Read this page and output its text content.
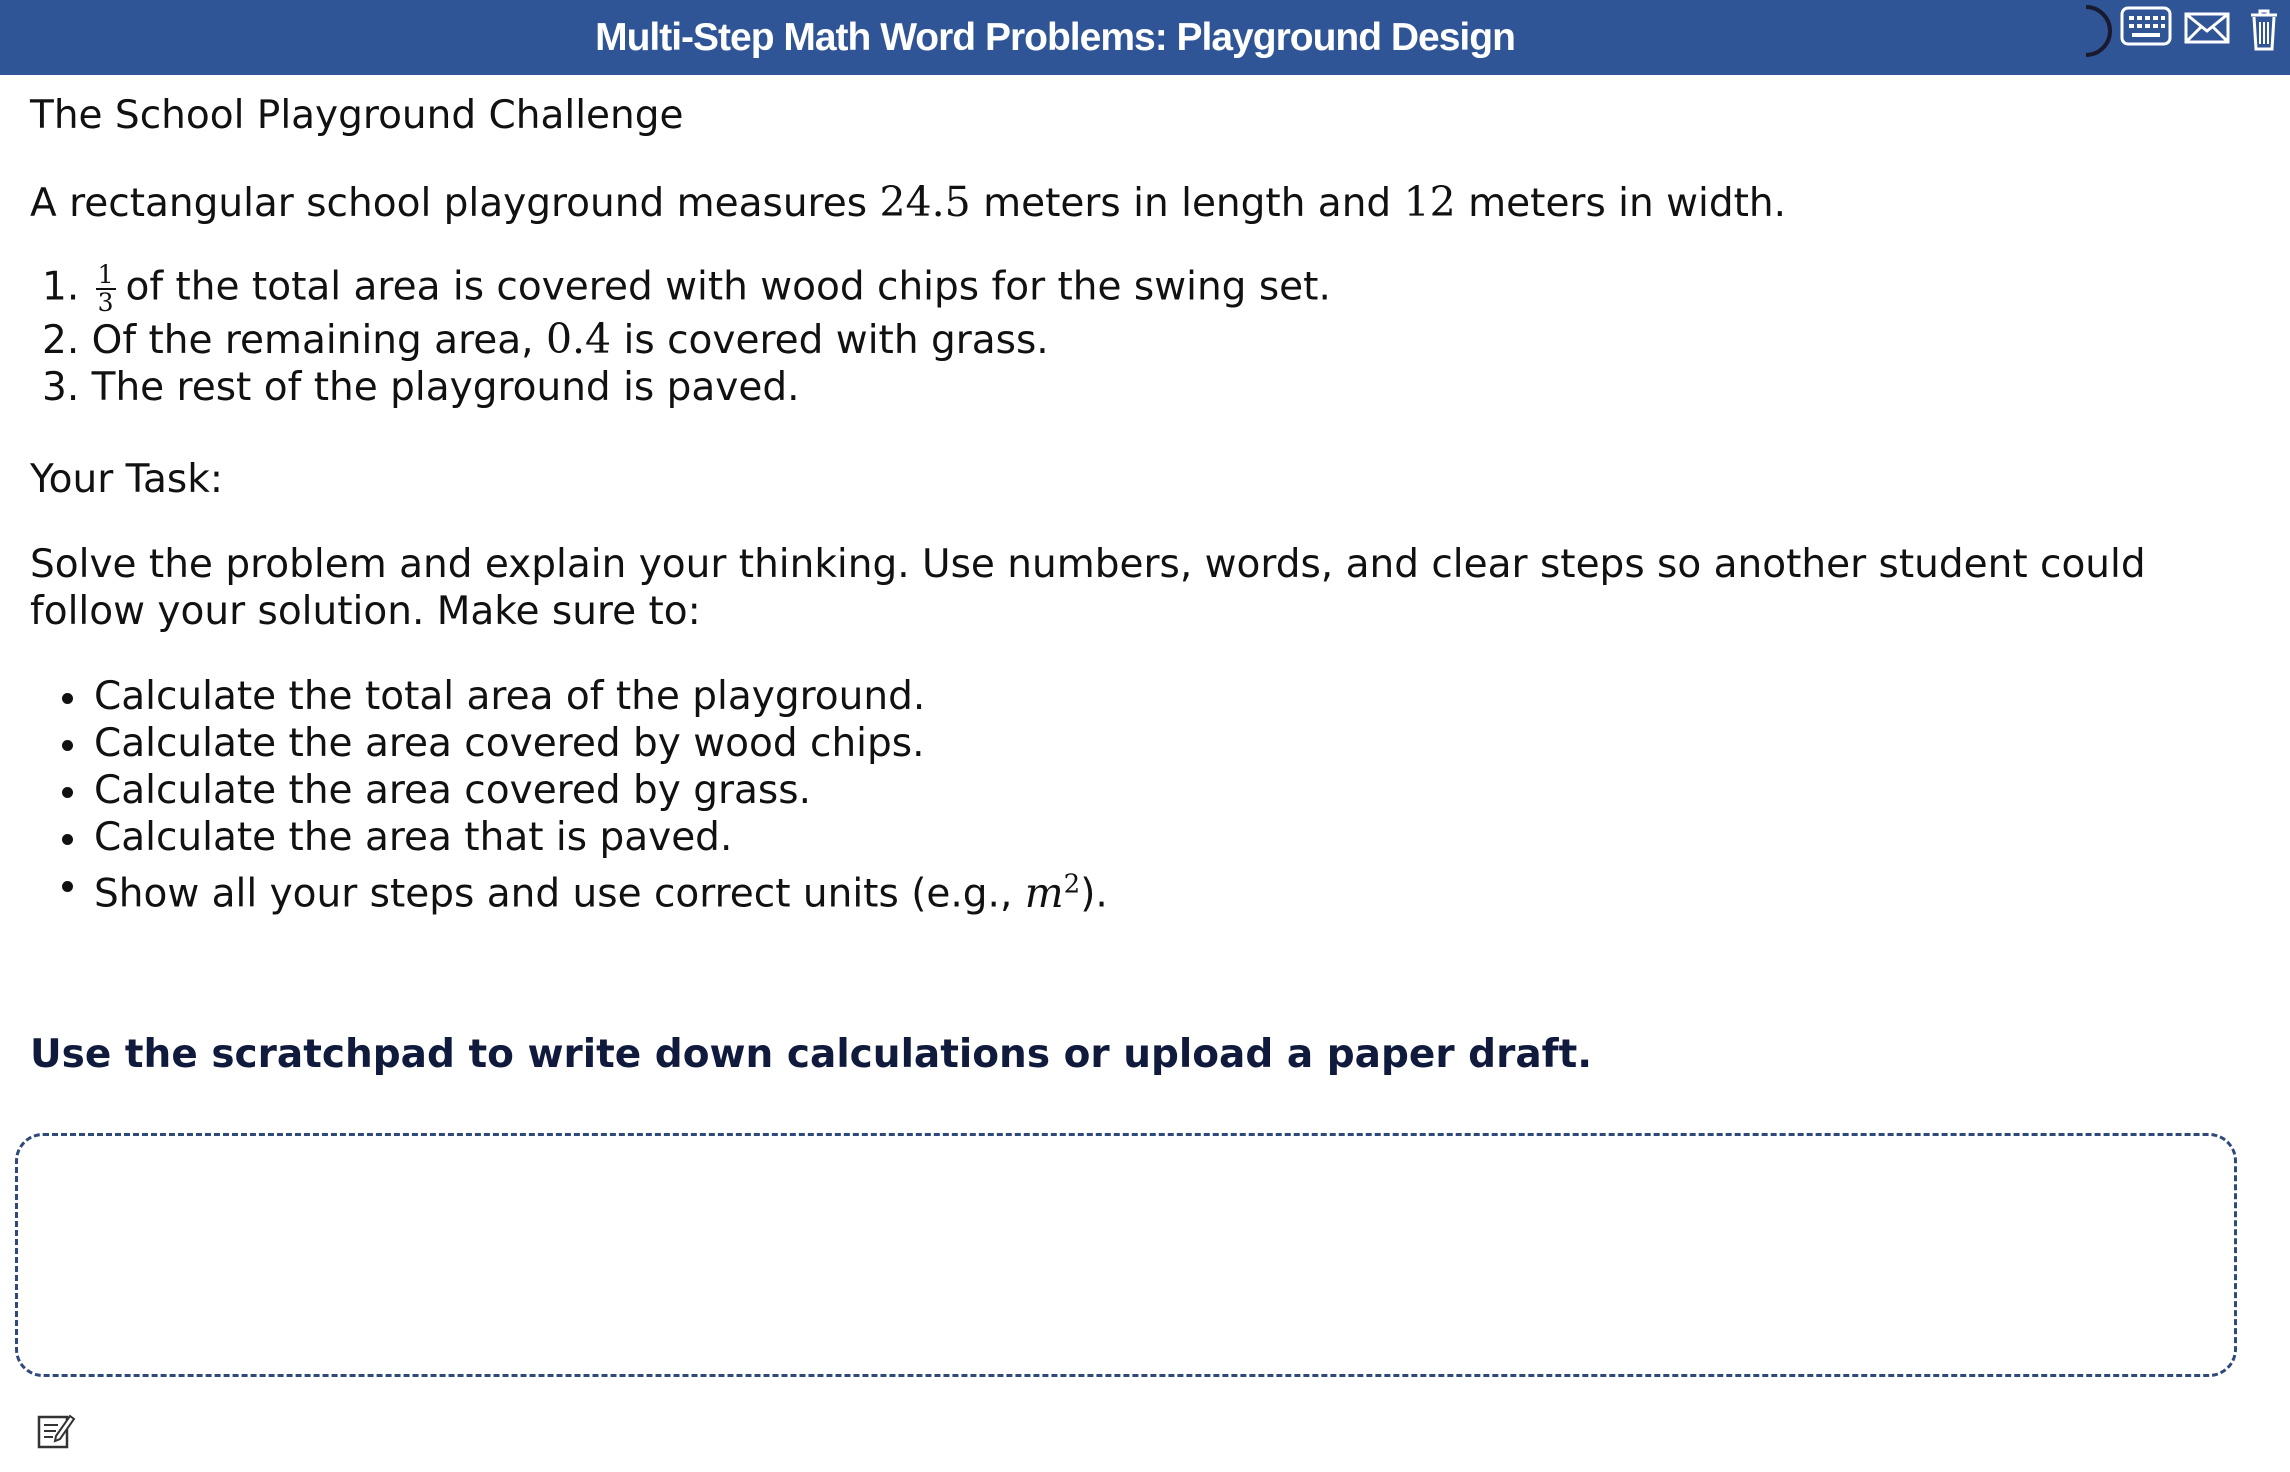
Multi-Step Math Word Problems: Playground Design
The School Playground Challenge
A rectangular school playground measures 24.5 meters in length and 12 meters in width.
1. $\frac{1}{3}$ of the total area is covered with wood chips for the swing set.
2. Of the remaining area, 0.4 is covered with grass.
3. The rest of the playground is paved.
Your Task:
Solve the problem and explain your thinking. Use numbers, words, and clear steps so another student could follow your solution. Make sure to:
Calculate the total area of the playground.
Calculate the area covered by wood chips.
Calculate the area covered by grass.
Calculate the area that is paved.
Show all your steps and use correct units (e.g., $m^2$).
Use the scratchpad to write down calculations or upload a paper draft.
